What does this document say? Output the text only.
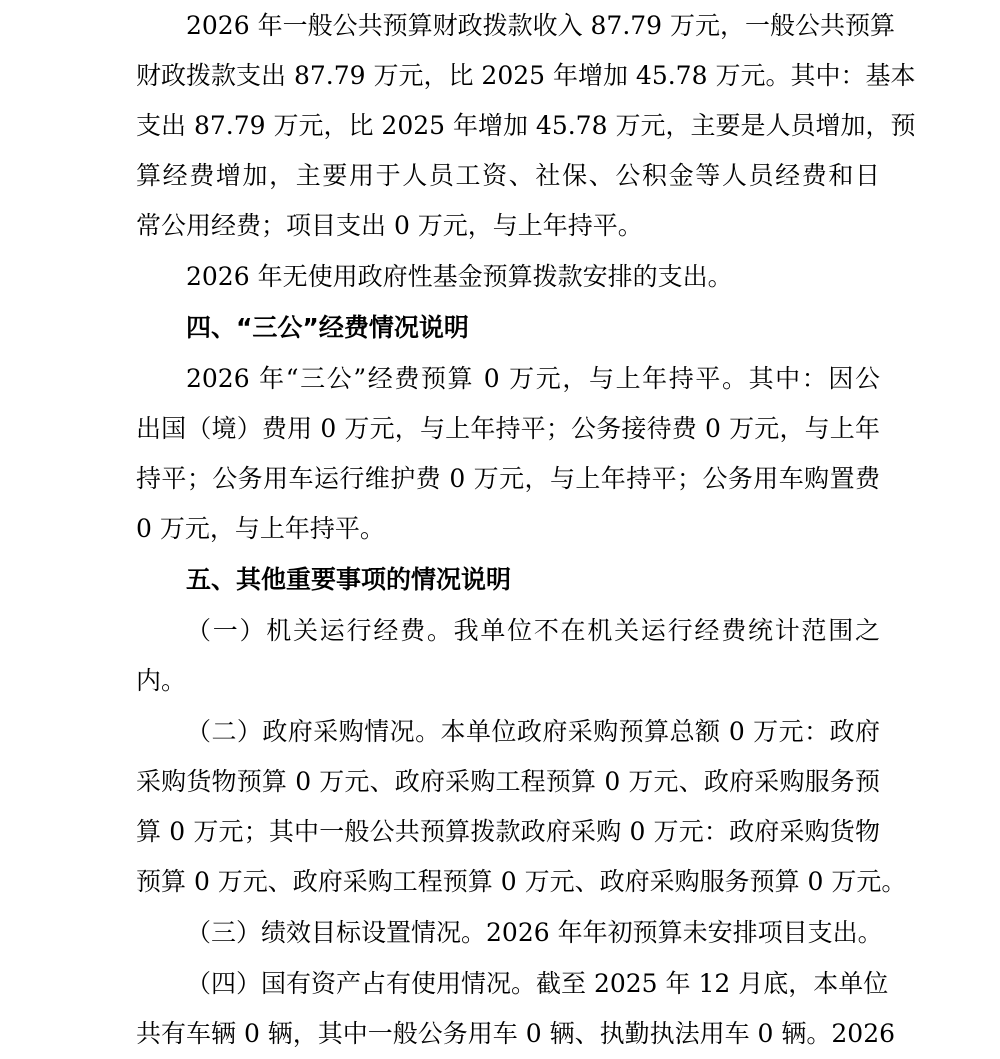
2026 年一般公共预算财政拨款收入 87.79 万元，一般公共预算
财政拨款支出 87.79 万元，比 2025 年增加 45.78 万元。其中：基本
支出 87.79 万元，比 2025 年增加 45.78 万元，主要是人员增加，预
算经费增加，主要用于人员工资、社保、公积金等人员经费和日
常公用经费；项目支出 0 万元，与上年持平。
2026 年无使用政府性基金预算拨款安排的支出。
四、“三公”经费情况说明
2026 年“三公”经费预算 0 万元，与上年持平。其中：因公
出国（境）费用 0 万元，与上年持平；公务接待费 0 万元，与上年
持平；公务用车运行维护费 0 万元，与上年持平；公务用车购置费
0 万元，与上年持平。
五、其他重要事项的情况说明
（一）机关运行经费。我单位不在机关运行经费统计范围之
内。
（二）政府采购情况。本单位政府采购预算总额 0 万元：政府
采购货物预算 0 万元、政府采购工程预算 0 万元、政府采购服务预
算 0 万元；其中一般公共预算拨款政府采购 0 万元：政府采购货物
预算 0 万元、政府采购工程预算 0 万元、政府采购服务预算 0 万元。
（三）绩效目标设置情况。2026 年年初预算未安排项目支出。
（四）国有资产占有使用情况。截至 2025 年 12 月底，本单位
共有车辆 0 辆，其中一般公务用车 0 辆、执勤执法用车 0 辆。2026
